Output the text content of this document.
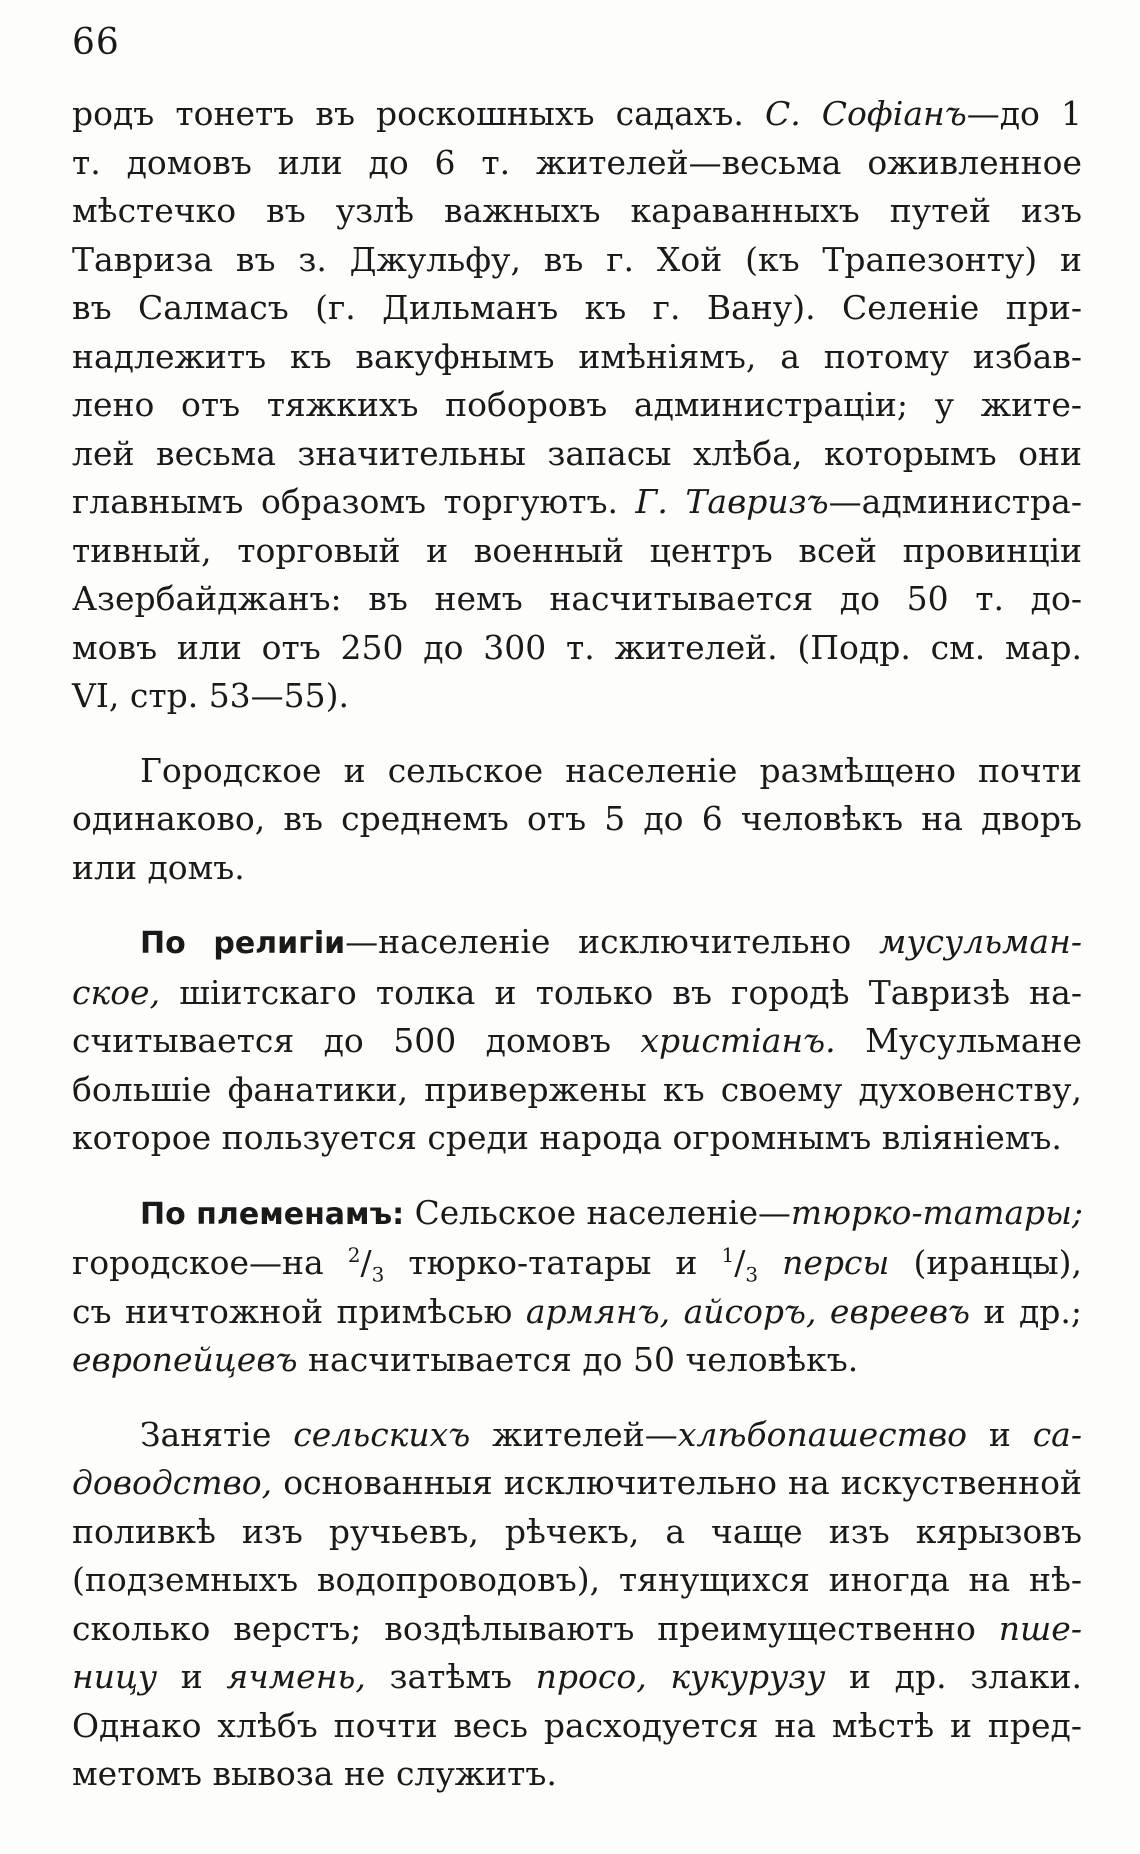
66
родъ тонетъ въ роскошныхъ садахъ. С. Софіанъ—до 1
т. домовъ или до 6 т. жителей—весьма оживленное
мѣстечко въ узлѣ важныхъ караванныхъ путей изъ
Тавриза въ з. Джульфу, въ г. Хой (къ Трапезонту) и
въ Салмасъ (г. Дильманъ къ г. Вану). Селеніе при-
надлежитъ къ вакуфнымъ имѣніямъ, а потому избав-
лено отъ тяжкихъ поборовъ администраціи; у жите-
лей весьма значительны запасы хлѣба, которымъ они
главнымъ образомъ торгуютъ. Г. Тавризъ—администра-
тивный, торговый и военный центръ всей провинціи
Азербайджанъ: въ немъ насчитывается до 50 т. до-
мовъ или отъ 250 до 300 т. жителей. (Подр. см. мар.
VI, стр. 53—55).
Городское и сельское населеніе размѣщено почти
одинаково, въ среднемъ отъ 5 до 6 человѣкъ на дворъ
или домъ.
По религіи—населеніе исключительно мусульман-
ское, шіитскаго толка и только въ городѣ Тавризѣ на-
считывается до 500 домовъ христіанъ. Мусульмане
большіе фанатики, привержены къ своему духовенству,
которое пользуется среди народа огромнымъ вліяніемъ.
По племенамъ: Сельское населеніе—тюрко-татары;
городское—на $^2/_3$ тюрко-татары и $^1/_3$ персы (иранцы),
съ ничтожной примѣсью армянъ, айсоръ, евреевъ и др.;
европейцевъ насчитывается до 50 человѣкъ.
Занятіе сельскихъ жителей—хлѣбопашество и са-
доводство, основанныя исключительно на искуственной
поливкѣ изъ ручьевъ, рѣчекъ, а чаще изъ кярызовъ
(подземныхъ водопроводовъ), тянущихся иногда на нѣ-
сколько верстъ; воздѣлываютъ преимущественно пше-
ницу и ячмень, затѣмъ просо, кукурузу и др. злаки.
Однако хлѣбъ почти весь расходуется на мѣстѣ и пред-
метомъ вывоза не служитъ.
